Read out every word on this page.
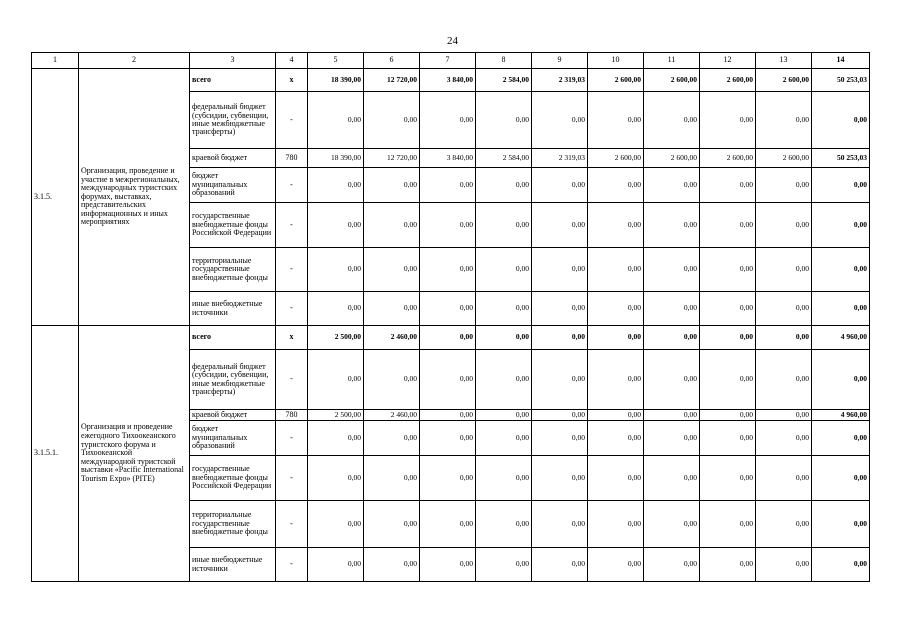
24
1	2	3	4	5	6	7	8	9	10	11	12	13	14
3.1.5.	Организация, проведение и участие в межрегиональных, международных туристских форумах, выставках, представительских информационных и иных мероприятиях	всего	х	18 390,00	12 720,00	3 840,00	2 584,00	2 319,03	2 600,00	2 600,00	2 600,00	2 600,00	50 253,03
		федеральный бюджет (субсидии, субвенции, иные межбюджетные трансферты)	-	0,00	0,00	0,00	0,00	0,00	0,00	0,00	0,00	0,00	0,00
		краевой бюджет	780	18 390,00	12 720,00	3 840,00	2 584,00	2 319,03	2 600,00	2 600,00	2 600,00	2 600,00	50 253,03
		бюджет муниципальных образований	-	0,00	0,00	0,00	0,00	0,00	0,00	0,00	0,00	0,00	0,00
		государственные внебюджетные фонды Российской Федерации	-	0,00	0,00	0,00	0,00	0,00	0,00	0,00	0,00	0,00	0,00
		территориальные государственные внебюджетные фонды	-	0,00	0,00	0,00	0,00	0,00	0,00	0,00	0,00	0,00	0,00
		иные внебюджетные источники	-	0,00	0,00	0,00	0,00	0,00	0,00	0,00	0,00	0,00	0,00
3.1.5.1.	Организация и проведение ежегодного Тихоокеанского туристского форума и Тихоокеанской международной туристской выставки «Pacific International Tourism Expo» (PITE)	всего	х	2 500,00	2 460,00	0,00	0,00	0,00	0,00	0,00	0,00	0,00	4 960,00
		федеральный бюджет (субсидии, субвенции, иные межбюджетные трансферты)	-	0,00	0,00	0,00	0,00	0,00	0,00	0,00	0,00	0,00	0,00
		краевой бюджет	780	2 500,00	2 460,00	0,00	0,00	0,00	0,00	0,00	0,00	0,00	4 960,00
		бюджет муниципальных образований	-	0,00	0,00	0,00	0,00	0,00	0,00	0,00	0,00	0,00	0,00
		государственные внебюджетные фонды Российской Федерации	-	0,00	0,00	0,00	0,00	0,00	0,00	0,00	0,00	0,00	0,00
		территориальные государственные внебюджетные фонды	-	0,00	0,00	0,00	0,00	0,00	0,00	0,00	0,00	0,00	0,00
		иные внебюджетные источники	-	0,00	0,00	0,00	0,00	0,00	0,00	0,00	0,00	0,00	0,00
